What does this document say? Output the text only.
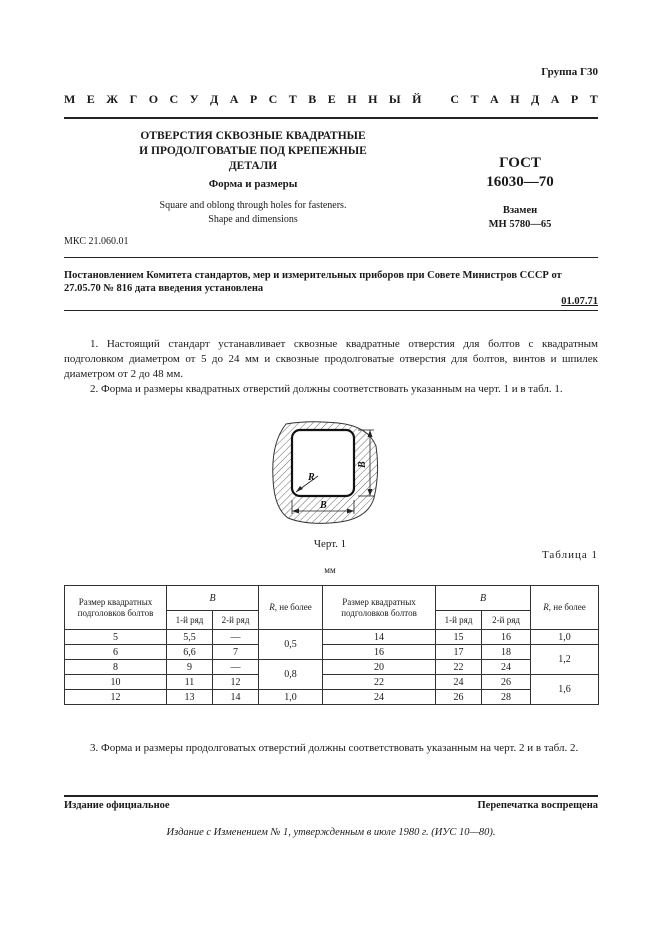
Группа Г30
М Е Ж Г О С У Д А Р С Т В Е Н Н Ы Й
С Т А Н Д А Р Т
ОТВЕРСТИЯ СКВОЗНЫЕ КВАДРАТНЫЕ
И ПРОДОЛГОВАТЫЕ ПОД КРЕПЕЖНЫЕ
ДЕТАЛИ
Форма и размеры
Square and oblong through holes for fasteners.
Shape and dimensions
ГОСТ
16030—70
Взамен
МН 5780—65
МКС 21.060.01
Постановлением Комитета стандартов, мер и измерительных приборов при Совете Министров СССР от 27.05.70 № 816 дата введения установлена
01.07.71
1. Настоящий стандарт устанавливает сквозные квадратные отверстия для болтов с квадратным подголовком диаметром от 5 до 24 мм и сквозные продолговатые отверстия для болтов, винтов и шпилек диаметром от 2 до 48 мм.
2. Форма и размеры квадратных отверстий должны соответствовать указанным на черт. 1 и в табл. 1.
R
B
B
Черт. 1
Таблица 1
мм
Размер квадратных подголовков болтов	B		R, не более	Размер квадратных подголовков болтов	B		R, не более
	1-й ряд	2-й ряд			1-й ряд	2-й ряд	
5	5,5	—	0,5	14	15	16	1,0
6	6,6	7		16	17	18	1,2
8	9	—	0,8	20	22	24	
10	11	12		22	24	26	1,6
12	13	14	1,0	24	26	28	
3. Форма и размеры продолговатых отверстий должны соответствовать указанным на черт. 2 и в табл. 2.
Издание официальное	Перепечатка воспрещена
Издание с Изменением № 1, утвержденным в июле 1980 г. (ИУС 10—80).
